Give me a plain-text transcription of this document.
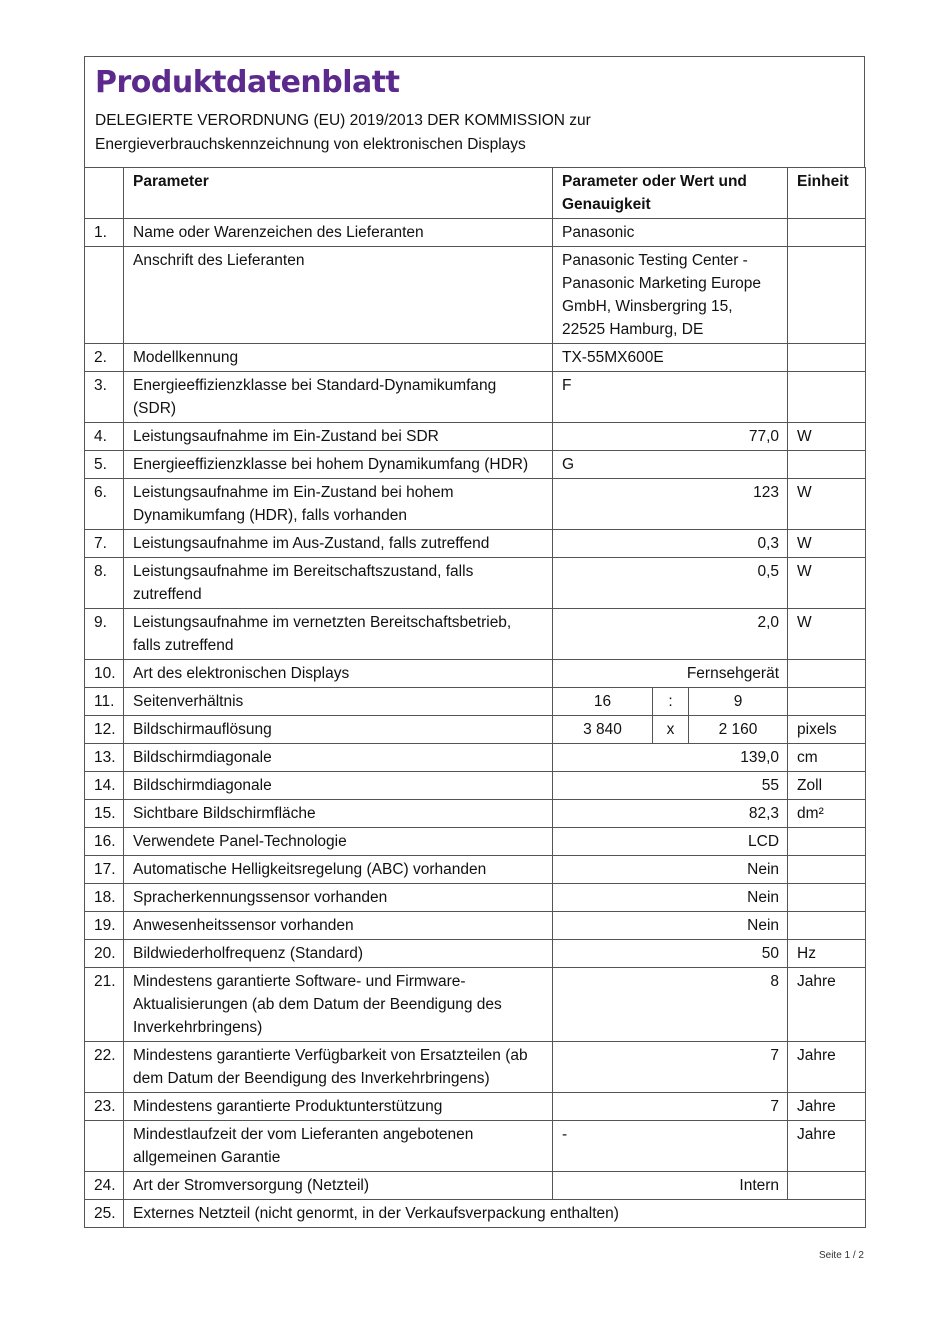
Produktdatenblatt
DELEGIERTE VERORDNUNG (EU) 2019/2013 DER KOMMISSION zur
Energieverbrauchskennzeichnung von elektronischen Displays
	Parameter	Parameter oder Wert und Genauigkeit			Einheit
1.	Name oder Warenzeichen des Lieferanten	Panasonic			
	Anschrift des Lieferanten	Panasonic Testing Center - Panasonic Marketing Europe GmbH, Winsbergring 15, 22525 Hamburg, DE			
2.	Modellkennung	TX-55MX600E			
3.	Energieeffizienzklasse bei Standard-Dynamikumfang (SDR)	F			
4.	Leistungsaufnahme im Ein-Zustand bei SDR	77,0			W
5.	Energieeffizienzklasse bei hohem Dynamikumfang (HDR)	G			
6.	Leistungsaufnahme im Ein-Zustand bei hohem Dynamikumfang (HDR), falls vorhanden	123			W
7.	Leistungsaufnahme im Aus-Zustand, falls zutreffend	0,3			W
8.	Leistungsaufnahme im Bereitschaftszustand, falls zutreffend	0,5			W
9.	Leistungsaufnahme im vernetzten Bereitschaftsbetrieb, falls zutreffend	2,0			W
10.	Art des elektronischen Displays	Fernsehgerät			
11.	Seitenverhältnis	16	:	9	
12.	Bildschirmauflösung	3 840	x	2 160	pixels
13.	Bildschirmdiagonale	139,0			cm
14.	Bildschirmdiagonale	55			Zoll
15.	Sichtbare Bildschirmfläche	82,3			dm²
16.	Verwendete Panel-Technologie	LCD			
17.	Automatische Helligkeitsregelung (ABC) vorhanden	Nein			
18.	Spracherkennungssensor vorhanden	Nein			
19.	Anwesenheitssensor vorhanden	Nein			
20.	Bildwiederholfrequenz (Standard)	50			Hz
21.	Mindestens garantierte Software- und Firmware-Aktualisierungen (ab dem Datum der Beendigung des Inverkehrbringens)	8			Jahre
22.	Mindestens garantierte Verfügbarkeit von Ersatzteilen (ab dem Datum der Beendigung des Inverkehrbringens)	7			Jahre
23.	Mindestens garantierte Produktunterstützung	7			Jahre
	Mindestlaufzeit der vom Lieferanten angebotenen allgemeinen Garantie	-			Jahre
24.	Art der Stromversorgung (Netzteil)	Intern			
25.	Externes Netzteil (nicht genormt, in der Verkaufsverpackung enthalten)				
Seite 1 / 2
